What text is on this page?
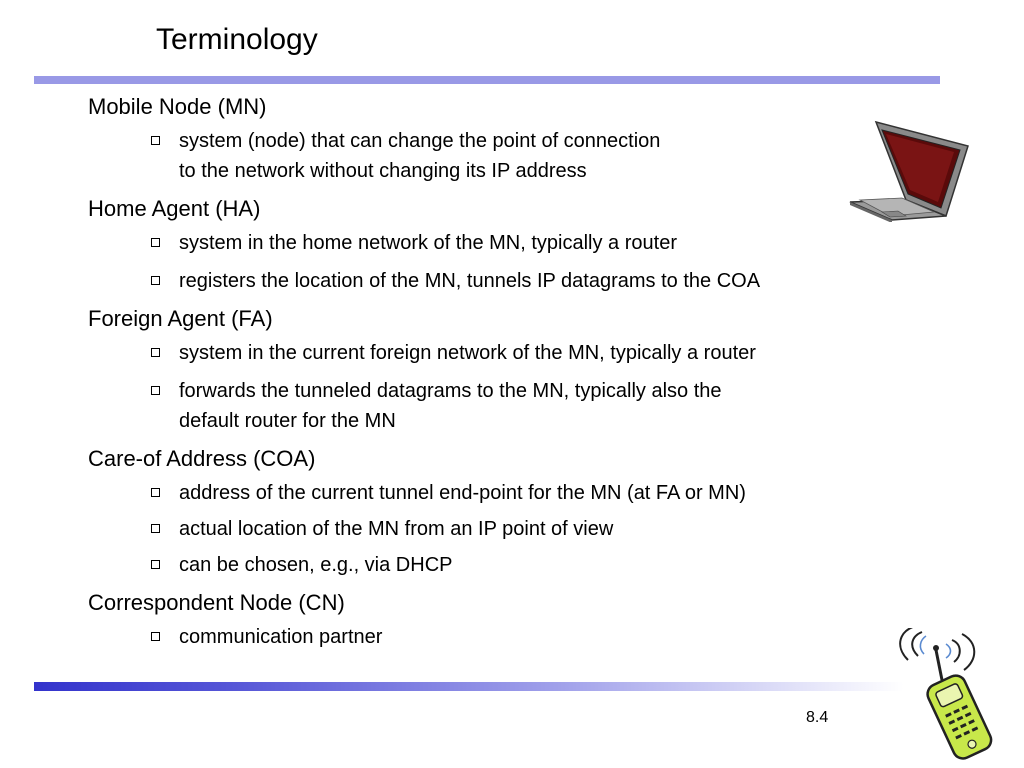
Terminology

Mobile Node (MN)

system (node) that can change the point of connection
to the network without changing its IP address

Home Agent (HA)

system in the home network of the MN, typically a router
registers the location of the MN, tunnels IP datagrams to the COA

Foreign Agent (FA)

system in the current foreign network of the MN, typically a router
forwards the tunneled datagrams to the MN, typically also the
default router for the MN

Care-of Address (COA)

address of the current tunnel end-point for the MN (at FA or MN)
actual location of the MN from an IP point of view
can be chosen, e.g., via DHCP

Correspondent Node (CN)

communication partner
8.4
